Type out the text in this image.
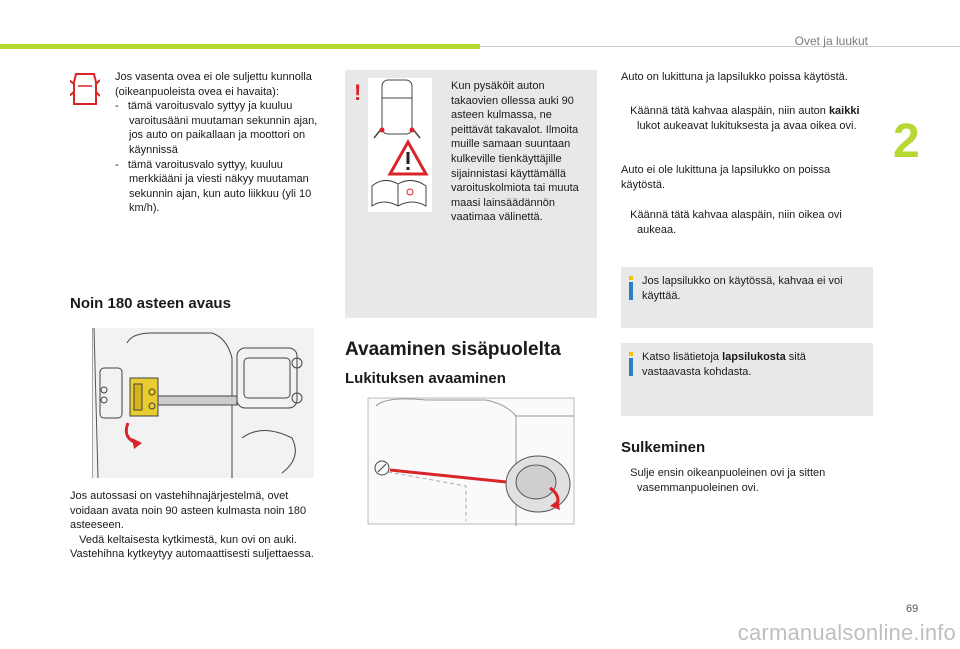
Ovet ja luukut
2
69

Jos vasenta ovea ei ole suljettu kunnolla (oikeanpuoleista ovea ei havaita):

- tämä varoitusvalo syttyy ja kuuluu varoitusääni muutaman sekunnin ajan, jos auto on paikallaan ja moottori on käynnissä
- tämä varoitusvalo syttyy, kuuluu merkkiääni ja viesti näkyy muutaman sekunnin ajan, kun auto liikkuu (yli 10 km/h).
Noin 180 asteen avaus

Jos autossasi on vastehihnajärjestelmä, ovet voidaan avata noin 90 asteen kulmasta noin 180 asteeseen.

Vedä keltaisesta kytkimestä, kun ovi on auki.

Vastehihna kytkeytyy automaattisesti suljettaessa.

!	Kun pysäköit auton takaovien ollessa auki 90 asteen kulmassa, ne peittävät takavalot. Ilmoita muille samaan suuntaan kulkeville tienkäyttäjille sijainnistasi käyttämällä varoituskolmiota tai muuta maasi lainsäädännön vaatimaa välinettä.
Avaaminen sisäpuolelta
Lukituksen avaaminen
Auto on lukittuna ja lapsilukko poissa käytöstä.
Käännä tätä kahvaa alaspäin, niin auton kaikki lukot aukeavat lukituksesta ja avaa oikea ovi.
Auto ei ole lukittuna ja lapsilukko on poissa käytöstä.
Käännä tätä kahvaa alaspäin, niin oikea ovi aukeaa.
Jos lapsilukko on käytössä, kahvaa ei voi käyttää.
Katso lisätietoja lapsilukosta sitä vastaavasta kohdasta.
Sulkeminen
Sulje ensin oikeanpuoleinen ovi ja sitten vasemmanpuoleinen ovi.
carmanualsonline.info
